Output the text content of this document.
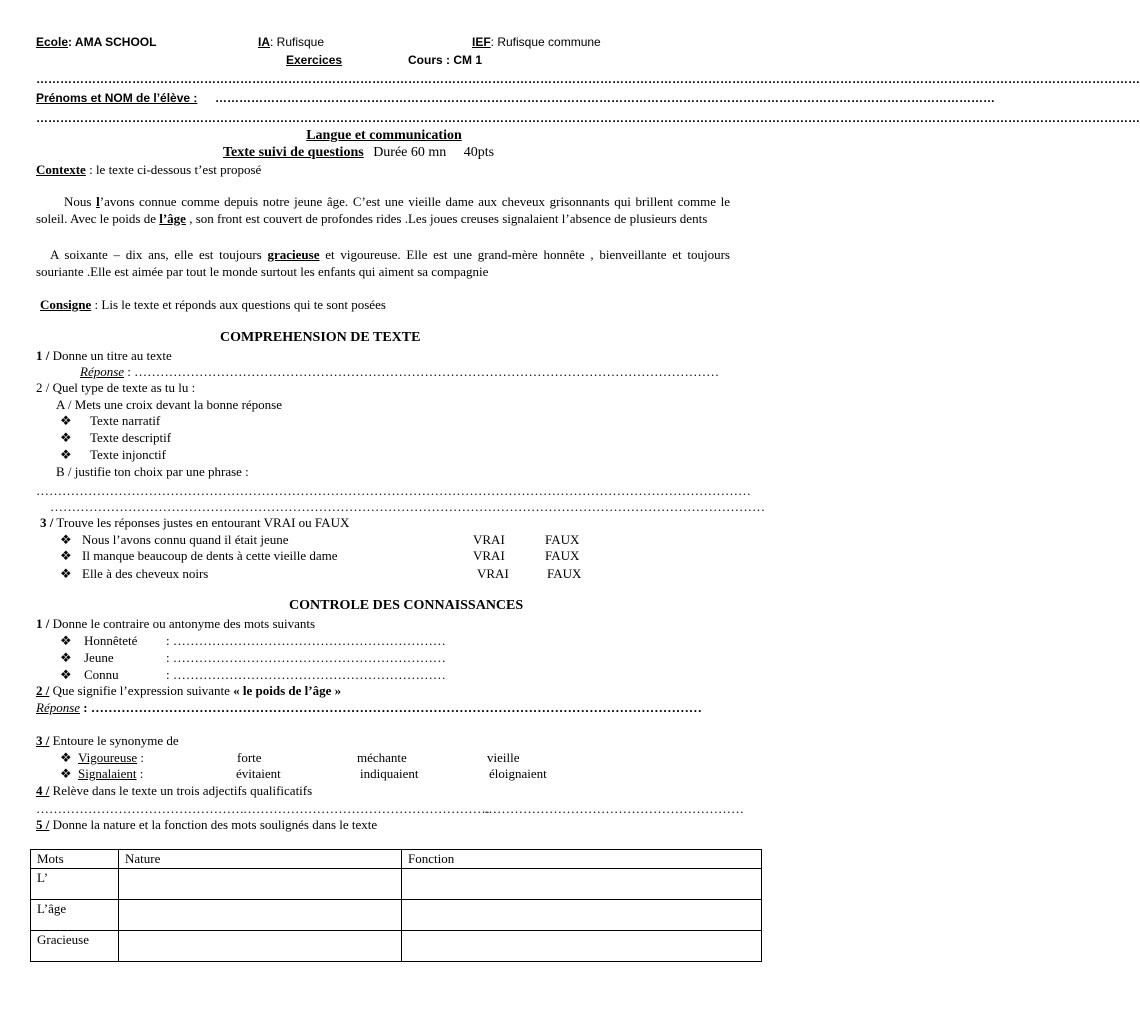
Ecole: AMA SCHOOL	IA: Rufisque	IEF: Rufisque commune
Exercices	Cours : CM 1
……………………………………………………………………………………………………………………………………………………………………………………………………………………………………………………
Prénoms et NOM de l’élève : ……………………………………………………………………………………………………………………………………………………………………………
……………………………………………………………………………………………………………………………………………………………………………………………………………………………………………………
Langue et communication
Texte suivi de questions Durée 60 mn 40pts
Contexte : le texte ci-dessous t’est proposé
Nous l’avons connue comme depuis notre jeune âge. C’est une vieille dame aux cheveux grisonnants qui brillent comme le soleil. Avec le poids de l’âge , son front est couvert de profondes rides .Les joues creuses signalaient l’absence de plusieurs dents
A soixante – dix ans, elle est toujours gracieuse et vigoureuse. Elle est une grand-mère honnête , bienveillante et toujours souriante .Elle est aimée par tout le monde surtout les enfants qui aiment sa compagnie
Consigne : Lis le texte et réponds aux questions qui te sont posées
COMPREHENSION DE TEXTE
1 / Donne un titre au texte
Réponse : ………………………………………………………………………………………………………………………
2 / Quel type de texte as tu lu :
A / Mets une croix devant la bonne réponse
❖ Texte narratif
❖ Texte descriptif
❖ Texte injonctif
B / justifie ton choix par une phrase :
…………………………………………………………………………………………………………………………………………………
…………………………………………………………………………………………………………………………………………………
3 / Trouve les réponses justes en entourant VRAI ou FAUX
❖ Nous l’avons connu quand il était jeune	VRAI	FAUX
❖ Il manque beaucoup de dents à cette vieille dame	VRAI	FAUX
❖ Elle à des cheveux noirs	VRAI	FAUX
CONTROLE DES CONNAISSANCES
1 / Donne le contraire ou antonyme des mots suivants
❖ Honnêteté : ………………………………………………………
❖ Jeune	: ………………………………………………………
❖ Connu	: ………………………………………………………
2 / Que signifie l’expression suivante « le poids de l’âge »
Réponse : ……………………………………………………………………………………………………………………………
3 / Entoure le synonyme de
❖ Vigoureuse :	forte	méchante	vieille
❖ Signalaient :	évitaient	indiquaient	éloignaient
4 / Relève dans le texte un trois adjectifs qualificatifs
………………………………………… …………………………………………………
……………………………………………………
5 / Donne la nature et la fonction des mots soulignés dans le texte
Mots	Nature	Fonction
L’		
L’âge		
Gracieuse		
